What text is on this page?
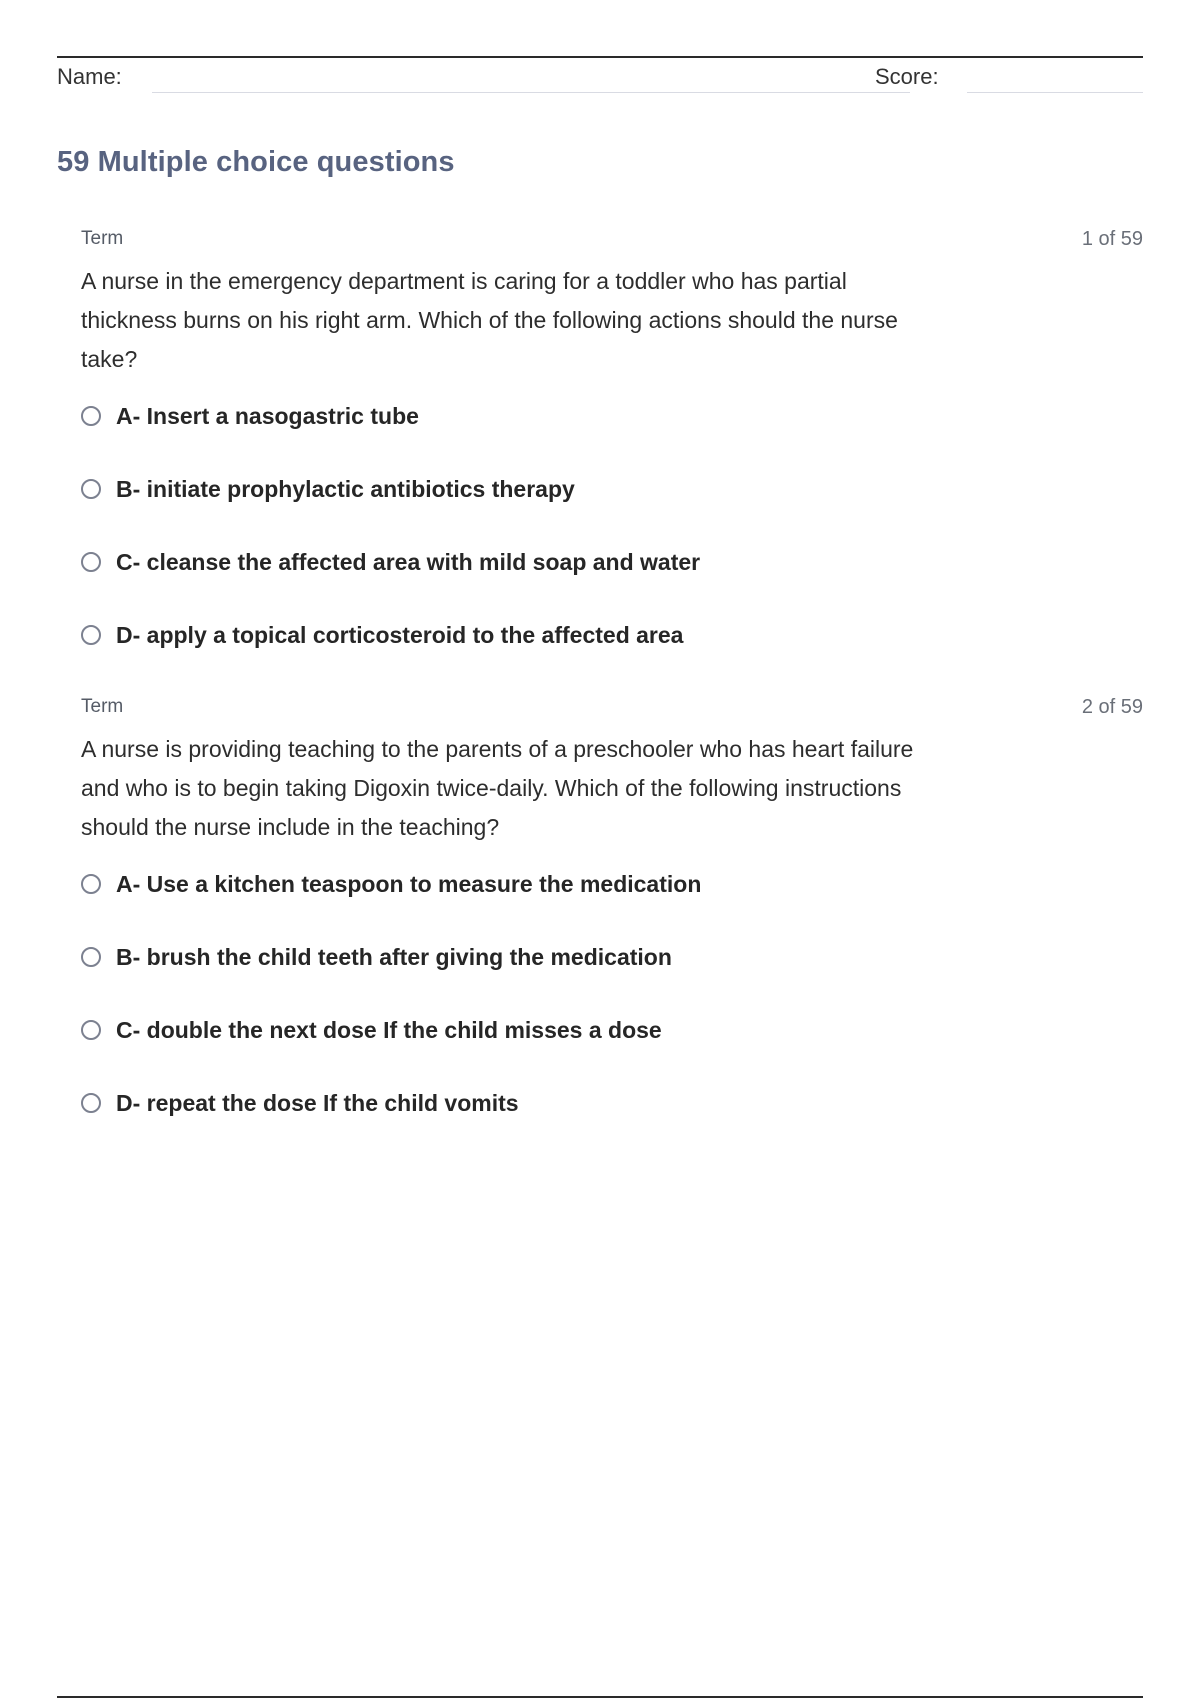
Name:	Score:
59 Multiple choice questions
Term	1 of 59
A nurse in the emergency department is caring for a toddler who has partial thickness burns on his right arm. Which of the following actions should the nurse take?
A- Insert a nasogastric tube
B- initiate prophylactic antibiotics therapy
C- cleanse the affected area with mild soap and water
D- apply a topical corticosteroid to the affected area
Term	2 of 59
A nurse is providing teaching to the parents of a preschooler who has heart failure and who is to begin taking Digoxin twice-daily. Which of the following instructions should the nurse include in the teaching?
A- Use a kitchen teaspoon to measure the medication
B- brush the child teeth after giving the medication
C- double the next dose If the child misses a dose
D- repeat the dose If the child vomits
